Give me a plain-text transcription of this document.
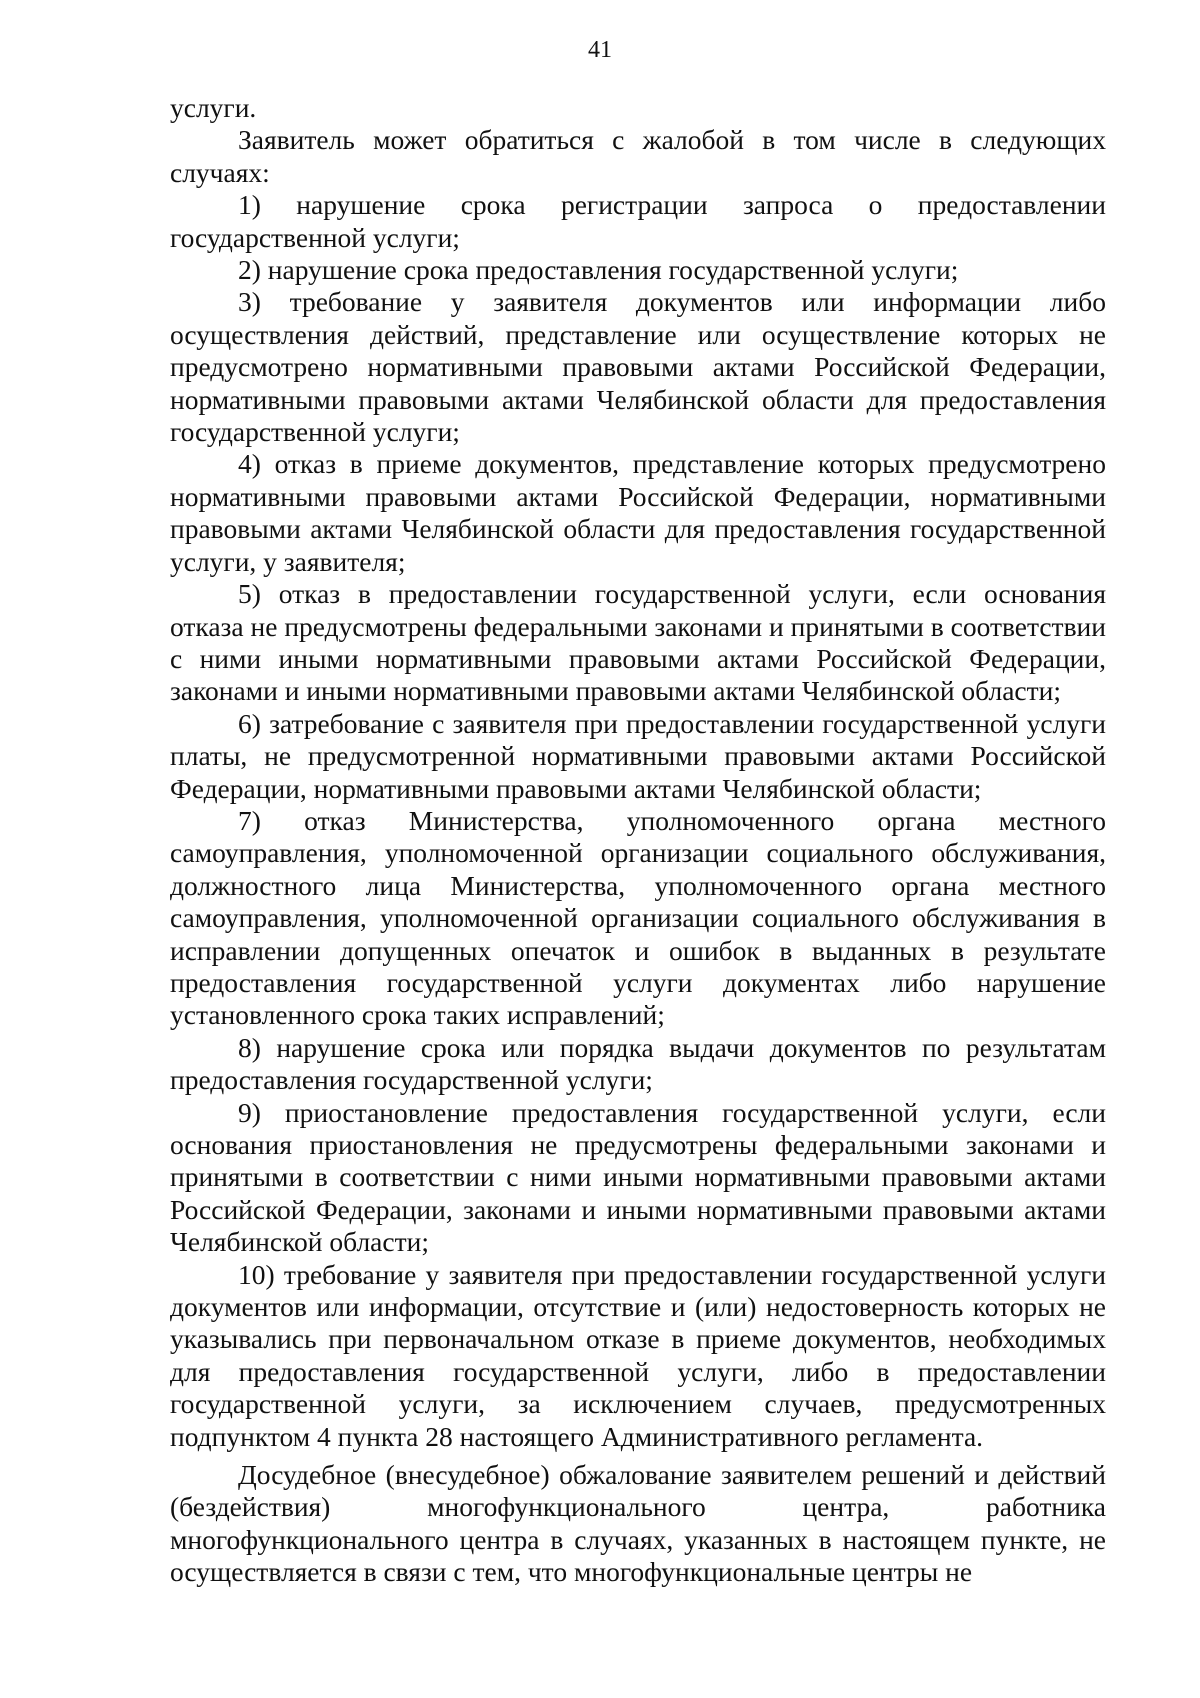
41

услуги.

Заявитель может обратиться с жалобой в том числе в следующих случаях:

1) нарушение срока регистрации запроса о предоставлении государственной услуги;

2) нарушение срока предоставления государственной услуги;

3) требование у заявителя документов или информации либо осуществления действий, представление или осуществление которых не предусмотрено нормативными правовыми актами Российской Федерации, нормативными правовыми актами Челябинской области для предоставления государственной услуги;

4) отказ в приеме документов, представление которых предусмотрено нормативными правовыми актами Российской Федерации, нормативными правовыми актами Челябинской области для предоставления государственной услуги, у заявителя;

5) отказ в предоставлении государственной услуги, если основания отказа не предусмотрены федеральными законами и принятыми в соответствии с ними иными нормативными правовыми актами Российской Федерации, законами и иными нормативными правовыми актами Челябинской области;

6) затребование с заявителя при предоставлении государственной услуги платы, не предусмотренной нормативными правовыми актами Российской Федерации, нормативными правовыми актами Челябинской области;

7) отказ Министерства, уполномоченного органа местного самоуправления, уполномоченной организации социального обслуживания, должностного лица Министерства, уполномоченного органа местного самоуправления, уполномоченной организации социального обслуживания в исправлении допущенных опечаток и ошибок в выданных в результате предоставления государственной услуги документах либо нарушение установленного срока таких исправлений;

8) нарушение срока или порядка выдачи документов по результатам предоставления государственной услуги;

9) приостановление предоставления государственной услуги, если основания приостановления не предусмотрены федеральными законами и принятыми в соответствии с ними иными нормативными правовыми актами Российской Федерации, законами и иными нормативными правовыми актами Челябинской области;

10) требование у заявителя при предоставлении государственной услуги документов или информации, отсутствие и (или) недостоверность которых не указывались при первоначальном отказе в приеме документов, необходимых для предоставления государственной услуги, либо в предоставлении государственной услуги, за исключением случаев, предусмотренных подпунктом 4 пункта 28 настоящего Административного регламента.

Досудебное (внесудебное) обжалование заявителем решений и действий (бездействия) многофункционального центра, работника многофункционального центра в случаях, указанных в настоящем пункте, не осуществляется в связи с тем, что многофункциональные центры не
